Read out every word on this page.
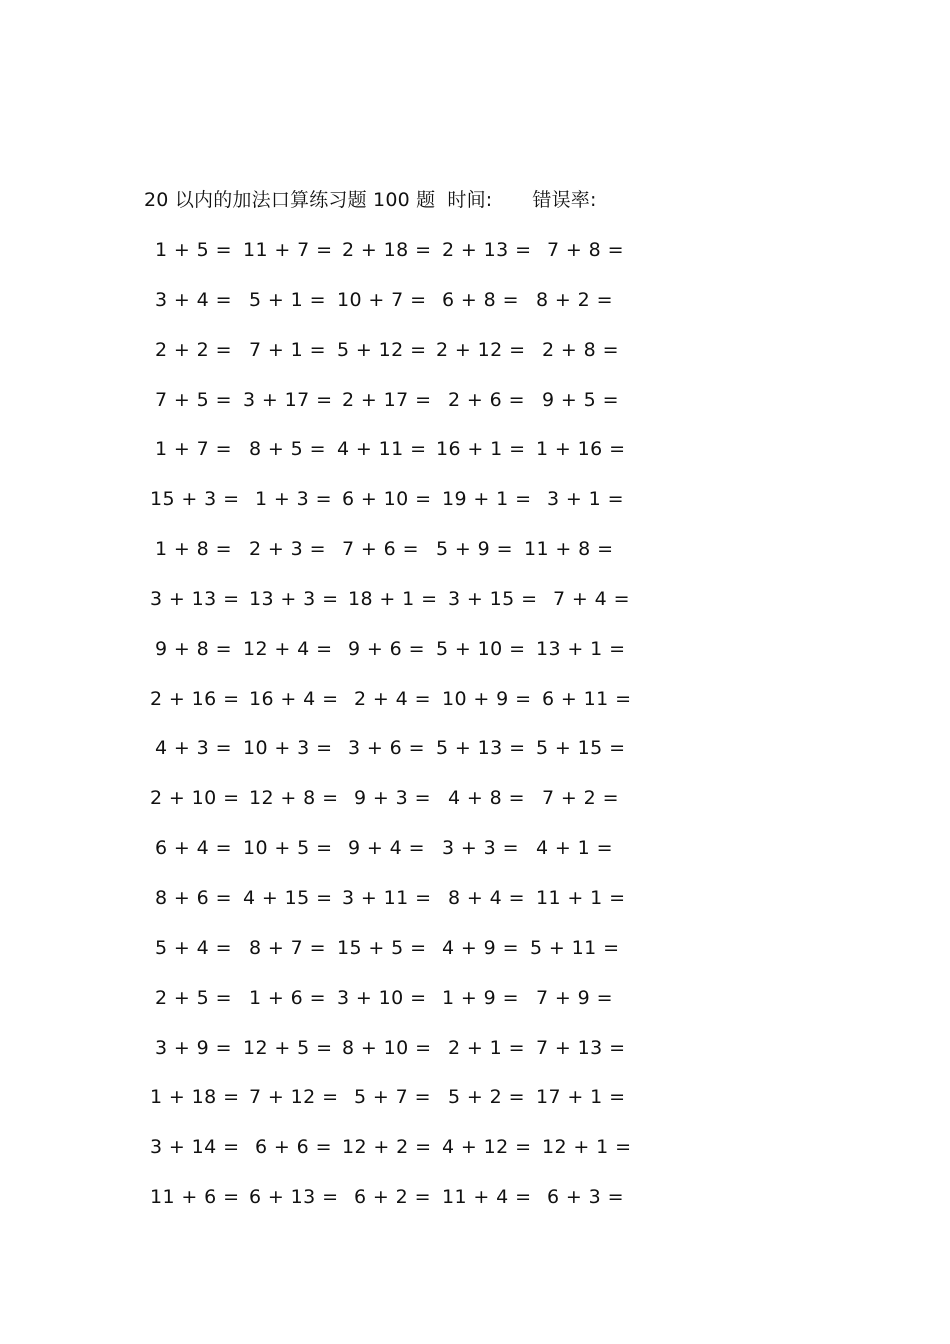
20 以内的加法口算练习题 100 题 时间: 错误率:
1 + 5 = 11 + 7 = 2 + 18 = 2 + 13 = 7 + 8 =
3 + 4 = 5 + 1 = 10 + 7 = 6 + 8 = 8 + 2 =
2 + 2 = 7 + 1 = 5 + 12 = 2 + 12 = 2 + 8 =
7 + 5 = 3 + 17 = 2 + 17 = 2 + 6 = 9 + 5 =
1 + 7 = 8 + 5 = 4 + 11 = 16 + 1 = 1 + 16 =
15 + 3 = 1 + 3 = 6 + 10 = 19 + 1 = 3 + 1 =
1 + 8 = 2 + 3 = 7 + 6 = 5 + 9 = 11 + 8 =
3 + 13 = 13 + 3 = 18 + 1 = 3 + 15 = 7 + 4 =
9 + 8 = 12 + 4 = 9 + 6 = 5 + 10 = 13 + 1 =
2 + 16 = 16 + 4 = 2 + 4 = 10 + 9 = 6 + 11 =
4 + 3 = 10 + 3 = 3 + 6 = 5 + 13 = 5 + 15 =
2 + 10 = 12 + 8 = 9 + 3 = 4 + 8 = 7 + 2 =
6 + 4 = 10 + 5 = 9 + 4 = 3 + 3 = 4 + 1 =
8 + 6 = 4 + 15 = 3 + 11 = 8 + 4 = 11 + 1 =
5 + 4 = 8 + 7 = 15 + 5 = 4 + 9 = 5 + 11 =
2 + 5 = 1 + 6 = 3 + 10 = 1 + 9 = 7 + 9 =
3 + 9 = 12 + 5 = 8 + 10 = 2 + 1 = 7 + 13 =
1 + 18 = 7 + 12 = 5 + 7 = 5 + 2 = 17 + 1 =
3 + 14 = 6 + 6 = 12 + 2 = 4 + 12 = 12 + 1 =
11 + 6 = 6 + 13 = 6 + 2 = 11 + 4 = 6 + 3 =
